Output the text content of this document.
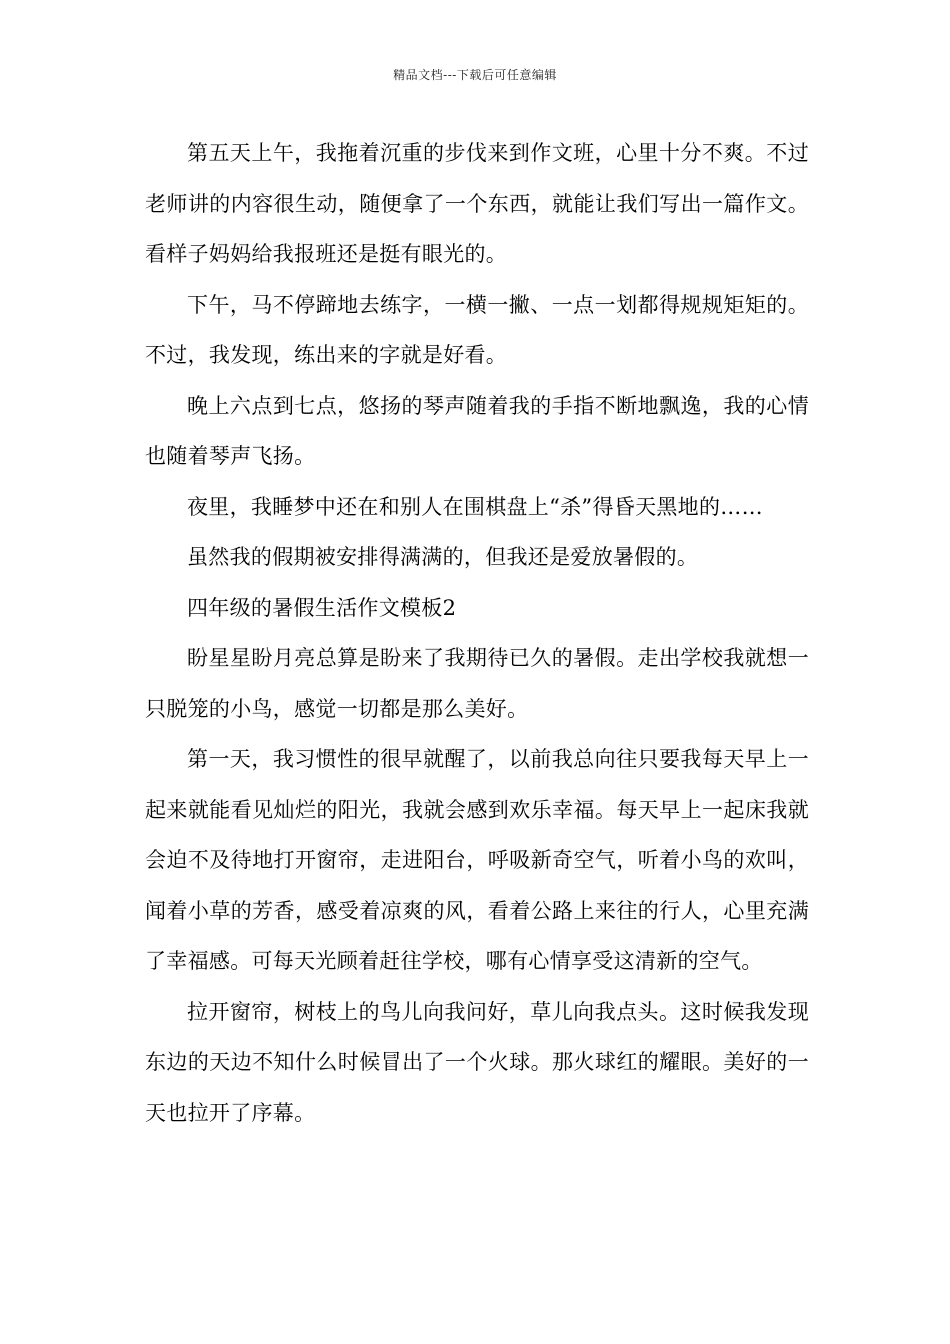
精品文档---下载后可任意编辑

第五天上午，我拖着沉重的步伐来到作文班，心里十分不爽。不过老师讲的内容很生动，随便拿了一个东西，就能让我们写出一篇作文。看样子妈妈给我报班还是挺有眼光的。

下午，马不停蹄地去练字，一横一撇、一点一划都得规规矩矩的。不过，我发现，练出来的字就是好看。

晚上六点到七点，悠扬的琴声随着我的手指不断地飘逸，我的心情也随着琴声飞扬。

夜里，我睡梦中还在和别人在围棋盘上“杀”得昏天黑地的……

虽然我的假期被安排得满满的，但我还是爱放暑假的。

四年级的暑假生活作文模板2

盼星星盼月亮总算是盼来了我期待已久的暑假。走出学校我就想一只脱笼的小鸟，感觉一切都是那么美好。

第一天，我习惯性的很早就醒了，以前我总向往只要我每天早上一起来就能看见灿烂的阳光，我就会感到欢乐幸福。每天早上一起床我就会迫不及待地打开窗帘，走进阳台，呼吸新奇空气，听着小鸟的欢叫，闻着小草的芳香，感受着凉爽的风，看着公路上来往的行人，心里充满了幸福感。可每天光顾着赶往学校，哪有心情享受这清新的空气。

拉开窗帘，树枝上的鸟儿向我问好，草儿向我点头。这时候我发现东边的天边不知什么时候冒出了一个火球。那火球红的耀眼。美好的一天也拉开了序幕。
